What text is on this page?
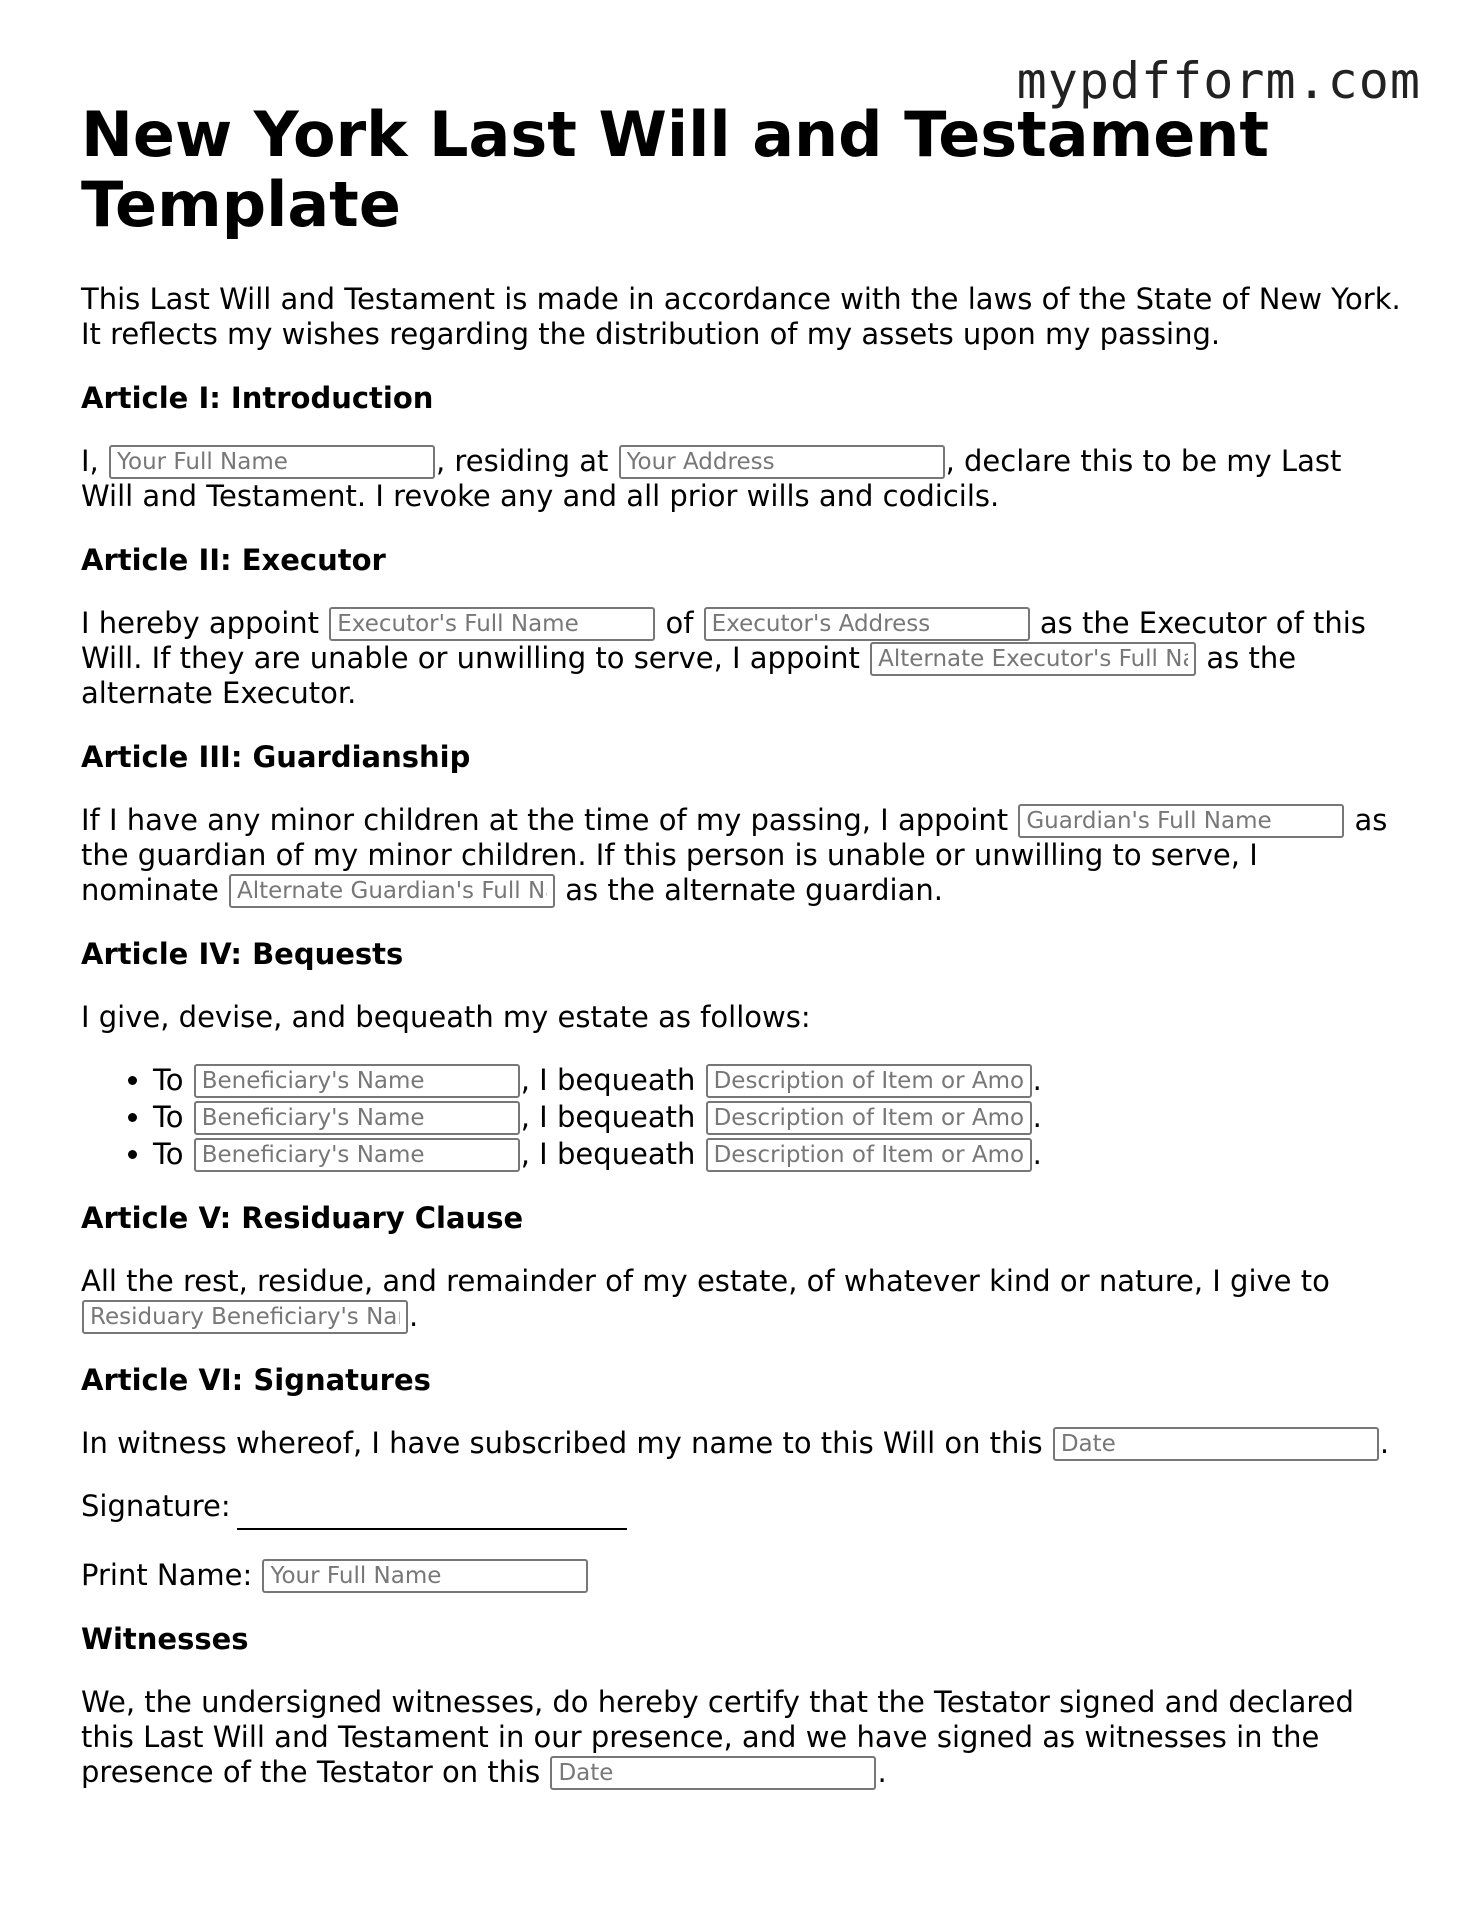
mypdfform.com
New York Last Will and Testament Template

This Last Will and Testament is made in accordance with the laws of the State of New York. It reflects my wishes regarding the distribution of my assets upon my passing.

Article I: Introduction

I, Your Full Name	, residing at Your Address	, declare this to be my Last Will and Testament. I revoke any and all prior wills and codicils.

Article II: Executor

I hereby appoint Executor's Full Name	of Executor's Address	as the Executor of this Will. If they are unable or unwilling to serve, I appoint Alternate Executor's Full Name	as the alternate Executor.

Article III: Guardianship

If I have any minor children at the time of my passing, I appoint Guardian's Full Name	as the guardian of my minor children. If this person is unable or unwilling to serve, I nominate Alternate Guardian's Full Name	as the alternate guardian.

Article IV: Bequests

I give, devise, and bequeath my estate as follows:

• To Beneficiary's Name	, I bequeath Description of Item or Amount	.
• To Beneficiary's Name	, I bequeath Description of Item or Amount	.
• To Beneficiary's Name	, I bequeath Description of Item or Amount	.
Article V: Residuary Clause

All the rest, residue, and remainder of my estate, of whatever kind or nature, I give to Residuary Beneficiary's Name.

Article VI: Signatures

In witness whereof, I have subscribed my name to this Will on this Date	.

Signature:

Print Name: Your Full Name

Witnesses

We, the undersigned witnesses, do hereby certify that the Testator signed and declared this Last Will and Testament in our presence, and we have signed as witnesses in the presence of the Testator on this Date	.
